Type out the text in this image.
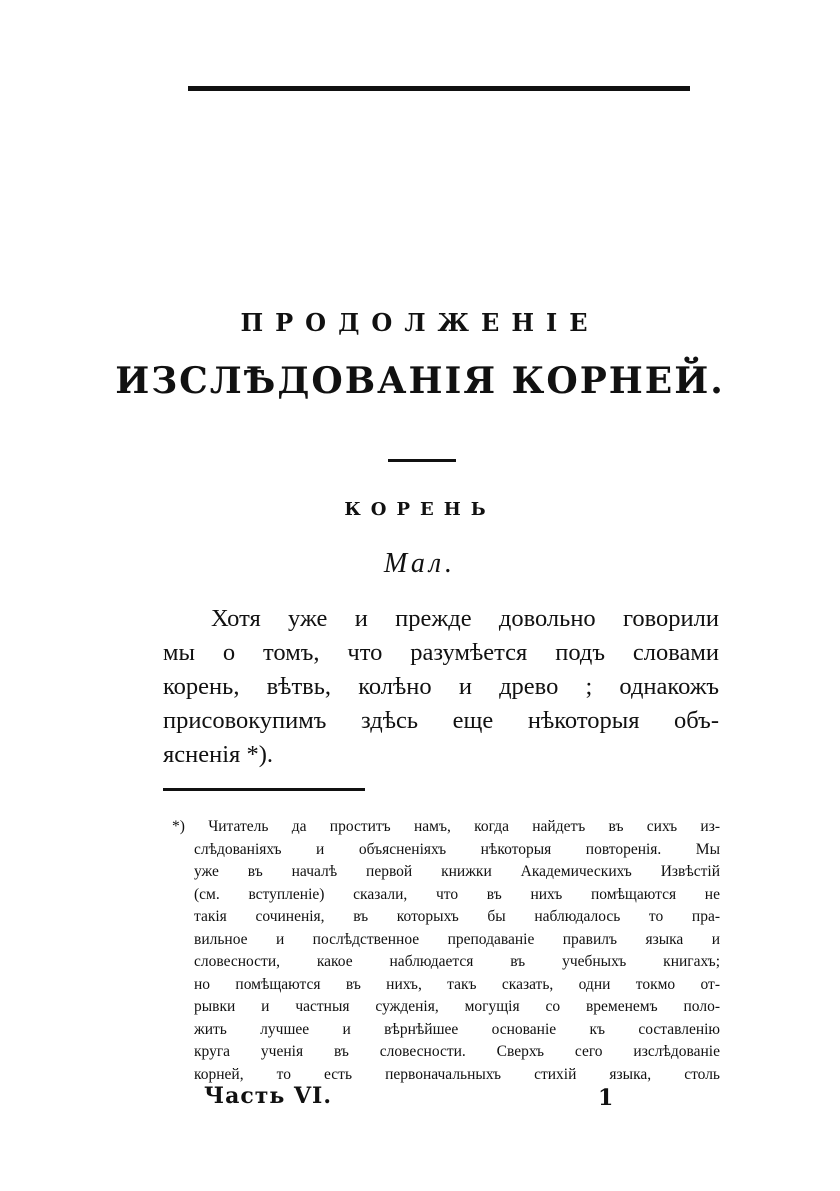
ПРОДОЛЖЕНІЕ
ИЗСЛѢДОВАНІЯ КОРНЕЙ.
КОРЕНЬ
Мал.
Хотя уже и прежде довольно говорили
мы о томъ, что разумѣется подъ словами
корень, вѣтвь, колѣно и древо ; однакожъ
присовокупимъ здѣсь еще нѣкоторыя объ-
ясненія *).
*) Читатель да проститъ намъ, когда найдетъ въ сихъ из-
слѣдованіяхъ и объясненіяхъ нѣкоторыя повторенія. Мы
уже въ началѣ первой книжки Академическихъ Извѣстій
(см. вступленіе) сказали, что въ нихъ помѣщаются не
такія сочиненія, въ которыхъ бы наблюдалось то пра-
вильное и послѣдственное преподаваніе правилъ языка и
словесности, какое наблюдается въ учебныхъ книгахъ;
но помѣщаются въ нихъ, такъ сказать, одни токмо от-
рывки и частныя сужденія, могущія со временемъ поло-
жить лучшее и вѣрнѣйшее основаніе къ составленію
круга ученія въ словесности. Сверхъ сего изслѣдованіе
корней, то есть первоначальныхъ стихій языка, столь
Часть VI.	1
